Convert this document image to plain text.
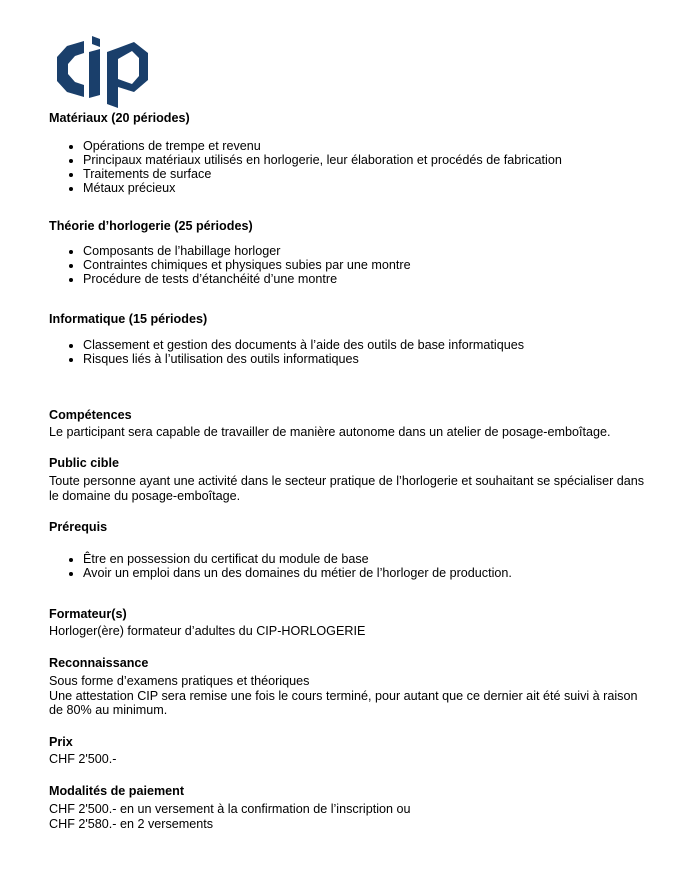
Matériaux (20 périodes)
• Opérations de trempe et revenu
• Principaux matériaux utilisés en horlogerie, leur élaboration et procédés de fabrication
• Traitements de surface
• Métaux précieux
Théorie d’horlogerie (25 périodes)
• Composants de l’habillage horloger
• Contraintes chimiques et physiques subies par une montre
• Procédure de tests d’étanchéité d’une montre
Informatique (15 périodes)
• Classement et gestion des documents à l’aide des outils de base informatiques
• Risques liés à l’utilisation des outils informatiques
Compétences

Le participant sera capable de travailler de manière autonome dans un atelier de posage-emboîtage.

Public cible

Toute personne ayant une activité dans le secteur pratique de l’horlogerie et souhaitant se spécialiser dans le domaine du posage-emboîtage.

Prérequis
• Être en possession du certificat du module de base
• Avoir un emploi dans un des domaines du métier de l’horloger de production.
Formateur(s)

Horloger(ère) formateur d’adultes du CIP-HORLOGERIE

Reconnaissance

Sous forme d’examens pratiques et théoriques

Une attestation CIP sera remise une fois le cours terminé, pour autant que ce dernier ait été suivi à raison de 80% au minimum.

Prix

CHF 2'500.-

Modalités de paiement

CHF 2'500.- en un versement à la confirmation de l’inscription ou

CHF 2'580.- en 2 versements
